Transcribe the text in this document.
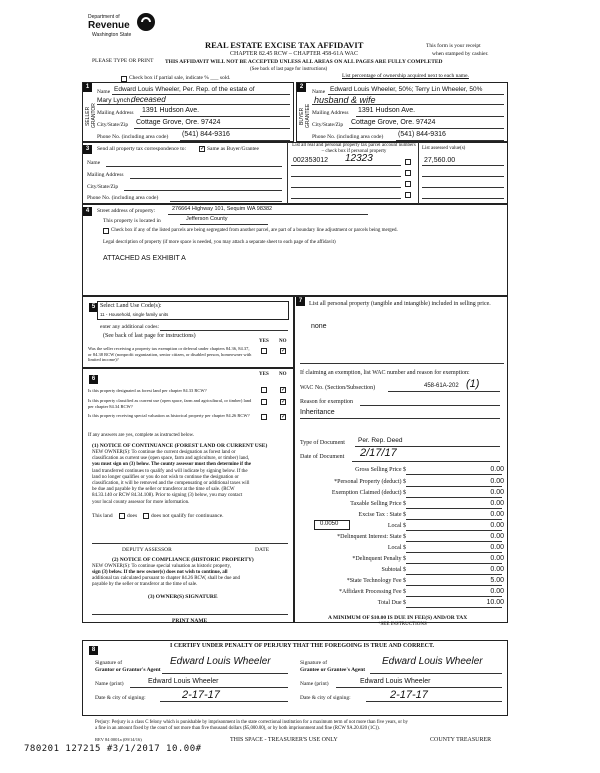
Department of
Revenue
Washington State
REAL ESTATE EXCISE TAX AFFIDAVIT
CHAPTER 82.45 RCW – CHAPTER 458-61A WAC
THIS AFFIDAVIT WILL NOT BE ACCEPTED UNLESS ALL AREAS ON ALL PAGES ARE FULLY COMPLETED
PLEASE TYPE OR PRINT
(See back of last page for instructions)
This form is your receipt
when stamped by cashier.
Check box if partial sale, indicate % ___ sold.	List percentage of ownership acquired next to each name.
1
SELLER GRANTOR
Name Edward Louis Wheeler, Per. Rep. of the estate of
Mary Lynch,
deceased
Mailing Address 1391 Hudson Ave.
City/State/Zip Cottage Grove, Ore. 97424
Phone No. (including area code) (541) 844-9316
2
BUYER GRANTEE
Name Edward Louis Wheeler, 50%; Terry Lin Wheeler, 50%
husband & wife
Mailing Address 1391 Hudson Ave.
City/State/Zip Cottage Grove, Ore. 97424
Phone No. (including area code) (541) 844-9316
3	Send all property tax correspondence to: ✓ Same as Buyer/Grantee
Name
Mailing Address
City/State/Zip
Phone No. (including area code)
List all real and personal property tax parcel account numbers – check box if personal property
List assessed value(s)
002353012 12323	27,560.00
4	Street address of property:	276664 Highway 101, Sequim WA 98382
This property is located in	Jefferson County
Check box if any of the listed parcels are being segregated from another parcel, are part of a boundary line adjustment or parcels being merged.
Legal description of property (if more space is needed, you may attach a separate sheet to each page of the affidavit)
ATTACHED AS EXHIBIT A
5 Select Land Use Code(s):
11 - Household, single family units
enter any additional codes:
(See back of last page for instructions)
YES NO
Was the seller receiving a property tax exemption or deferral under chapters 84.36, 84.37, or 84.38 RCW (nonprofit organization, senior citizen, or disabled person, homeowner with limited income)?
✓
6
YES NO
Is this property designated as forest land per chapter 84.33 RCW?	✓
Is this property classified as current use (open space, farm and agricultural, or timber) land per chapter 84.34 RCW?
✓
Is this property receiving special valuation as historical property per chapter 84.26 RCW?	✓
If any answers are yes, complete as instructed below.
(1) NOTICE OF CONTINUANCE (FOREST LAND OR CURRENT USE)
NEW OWNER(S): To continue the current designation as forest land or
classification as current use (open space, farm and agriculture, or timber) land,
you must sign on (3) below. The county assessor must then determine if the
land transferred continues to qualify and will indicate by signing below. If the
land no longer qualifies or you do not wish to continue the designation or
classification, it will be removed and the compensating or additional taxes will
be due and payable by the seller or transferor at the time of sale. (RCW
84.33.140 or RCW 84.34.108). Prior to signing (3) below, you may contact
your local county assessor for more information.
This land	does	does not qualify for continuance.
DEPUTY ASSESSOR	DATE
(2) NOTICE OF COMPLIANCE (HISTORIC PROPERTY)
NEW OWNER(S): To continue special valuation as historic property,
sign (3) below. If the new owner(s) does not wish to continue, all
additional tax calculated pursuant to chapter 84.26 RCW, shall be due and
payable by the seller or transferor at the time of sale.
(3) OWNER(S) SIGNATURE
PRINT NAME
7	List all personal property (tangible and intangible) included in selling price.
none
If claiming an exemption, list WAC number and reason for exemption:
WAC No. (Section/Subsection)	458-61A-202 (1)
Reason for exemption
Inheritance
Type of Document Per. Rep. Deed
Date of Document 2/17/17
Gross Selling Price $	0.00
*Personal Property (deduct) $	0.00
Exemption Claimed (deduct) $	0.00
Taxable Selling Price $	0.00
Excise Tax : State $	0.00
0.0050	Local $	0.00
*Delinquent Interest: State $	0.00
Local $	0.00
*Delinquent Penalty $	0.00
Subtotal $	0.00
*State Technology Fee $	5.00
*Affidavit Processing Fee $	0.00
Total Due $	10.00
A MINIMUM OF $10.00 IS DUE IN FEE(S) AND/OR TAX
*SEE INSTRUCTIONS
8
I CERTIFY UNDER PENALTY OF PERJURY THAT THE FOREGOING IS TRUE AND CORRECT.
Signature of
Grantor or Grantor's Agent
Edward Louis Wheeler	Signature of
Grantee or Grantee's Agent
Edward Louis Wheeler
Name (print)	Edward Louis Wheeler	Name (print)	Edward Louis Wheeler
Date & city of signing:	2-17-17	Date & city of signing:	2-17-17
Perjury: Perjury is a class C felony which is punishable by imprisonment in the state correctional institution for a maximum term of not more than five years, or by
a fine in an amount fixed by the court of not more than five thousand dollars ($5,000.00), or by both imprisonment and fine (RCW 9A.20.020 (1C)).
REV 84 0001a (09/14/16)	THIS SPACE - TREASURER'S USE ONLY	COUNTY TREASURER
780201 127215 #3/1/2017 10.00#
